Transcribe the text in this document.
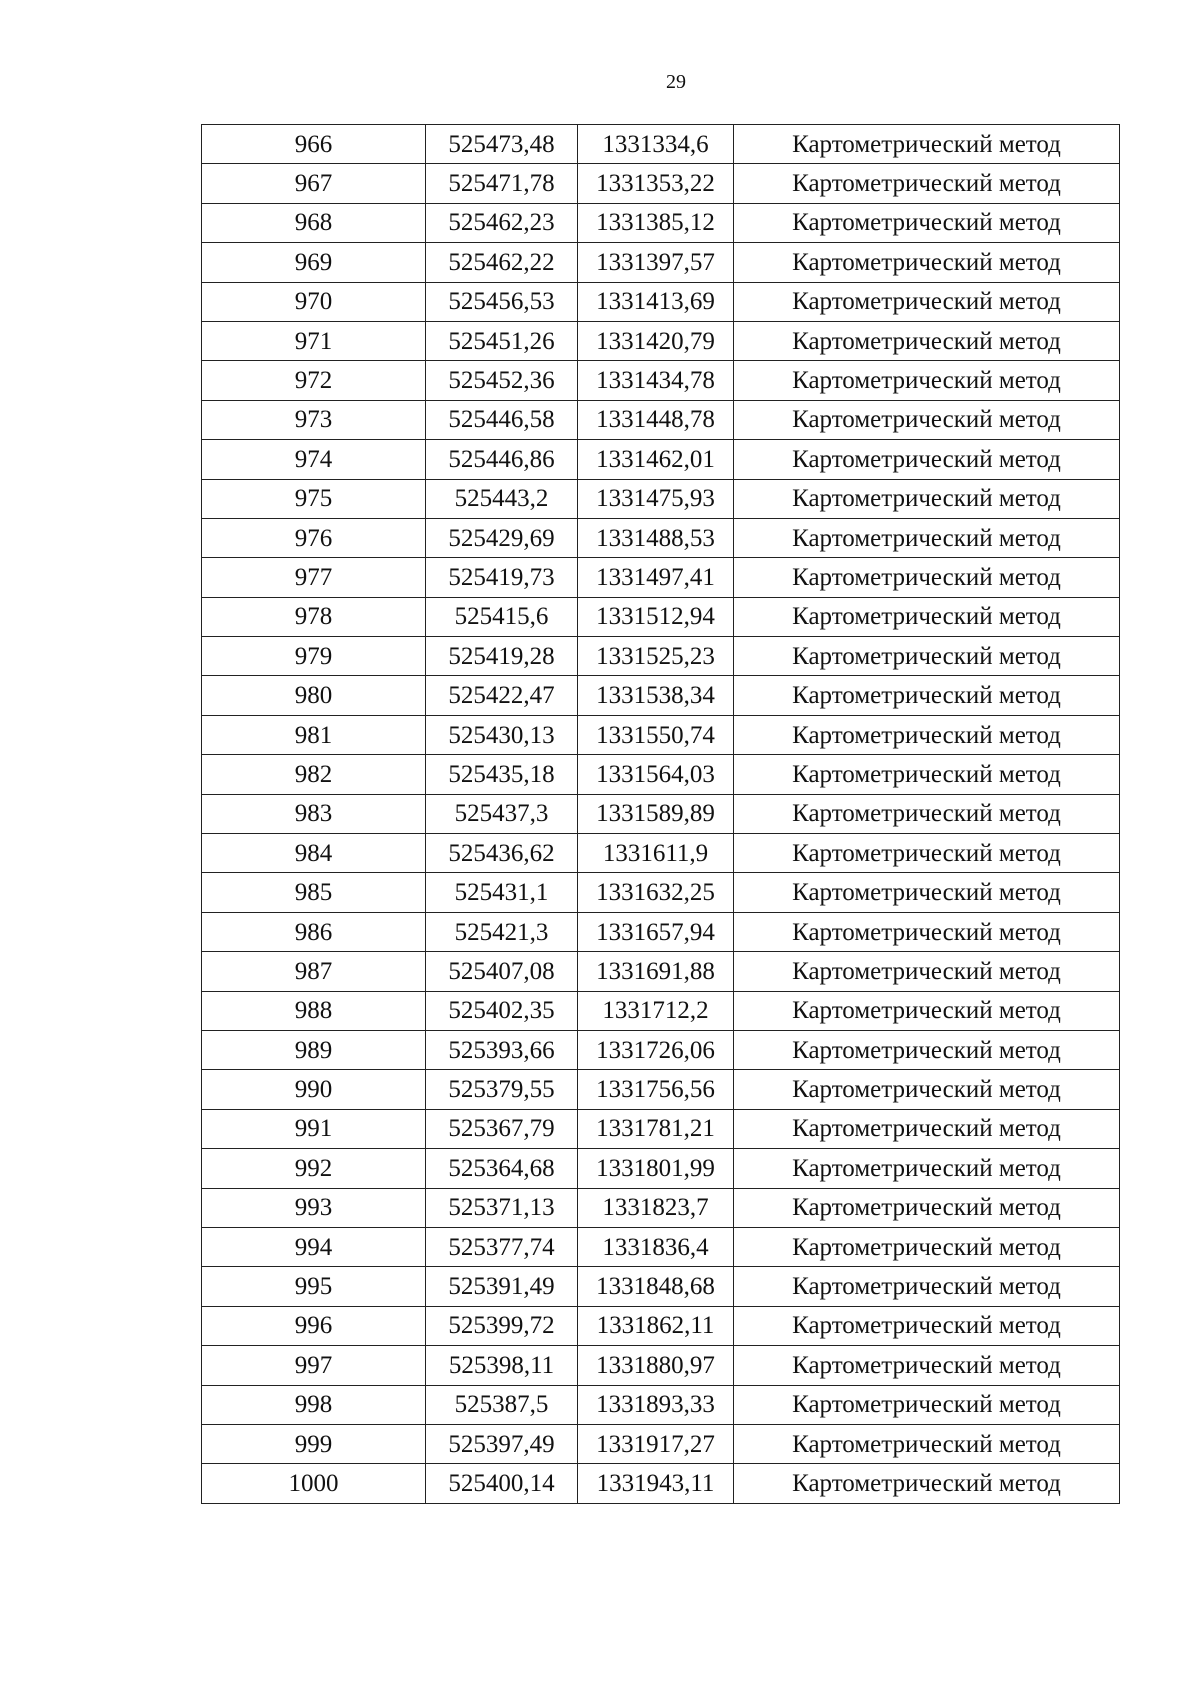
29
966	525473,48	1331334,6	Картометрический метод
967	525471,78	1331353,22	Картометрический метод
968	525462,23	1331385,12	Картометрический метод
969	525462,22	1331397,57	Картометрический метод
970	525456,53	1331413,69	Картометрический метод
971	525451,26	1331420,79	Картометрический метод
972	525452,36	1331434,78	Картометрический метод
973	525446,58	1331448,78	Картометрический метод
974	525446,86	1331462,01	Картометрический метод
975	525443,2	1331475,93	Картометрический метод
976	525429,69	1331488,53	Картометрический метод
977	525419,73	1331497,41	Картометрический метод
978	525415,6	1331512,94	Картометрический метод
979	525419,28	1331525,23	Картометрический метод
980	525422,47	1331538,34	Картометрический метод
981	525430,13	1331550,74	Картометрический метод
982	525435,18	1331564,03	Картометрический метод
983	525437,3	1331589,89	Картометрический метод
984	525436,62	1331611,9	Картометрический метод
985	525431,1	1331632,25	Картометрический метод
986	525421,3	1331657,94	Картометрический метод
987	525407,08	1331691,88	Картометрический метод
988	525402,35	1331712,2	Картометрический метод
989	525393,66	1331726,06	Картометрический метод
990	525379,55	1331756,56	Картометрический метод
991	525367,79	1331781,21	Картометрический метод
992	525364,68	1331801,99	Картометрический метод
993	525371,13	1331823,7	Картометрический метод
994	525377,74	1331836,4	Картометрический метод
995	525391,49	1331848,68	Картометрический метод
996	525399,72	1331862,11	Картометрический метод
997	525398,11	1331880,97	Картометрический метод
998	525387,5	1331893,33	Картометрический метод
999	525397,49	1331917,27	Картометрический метод
1000	525400,14	1331943,11	Картометрический метод
